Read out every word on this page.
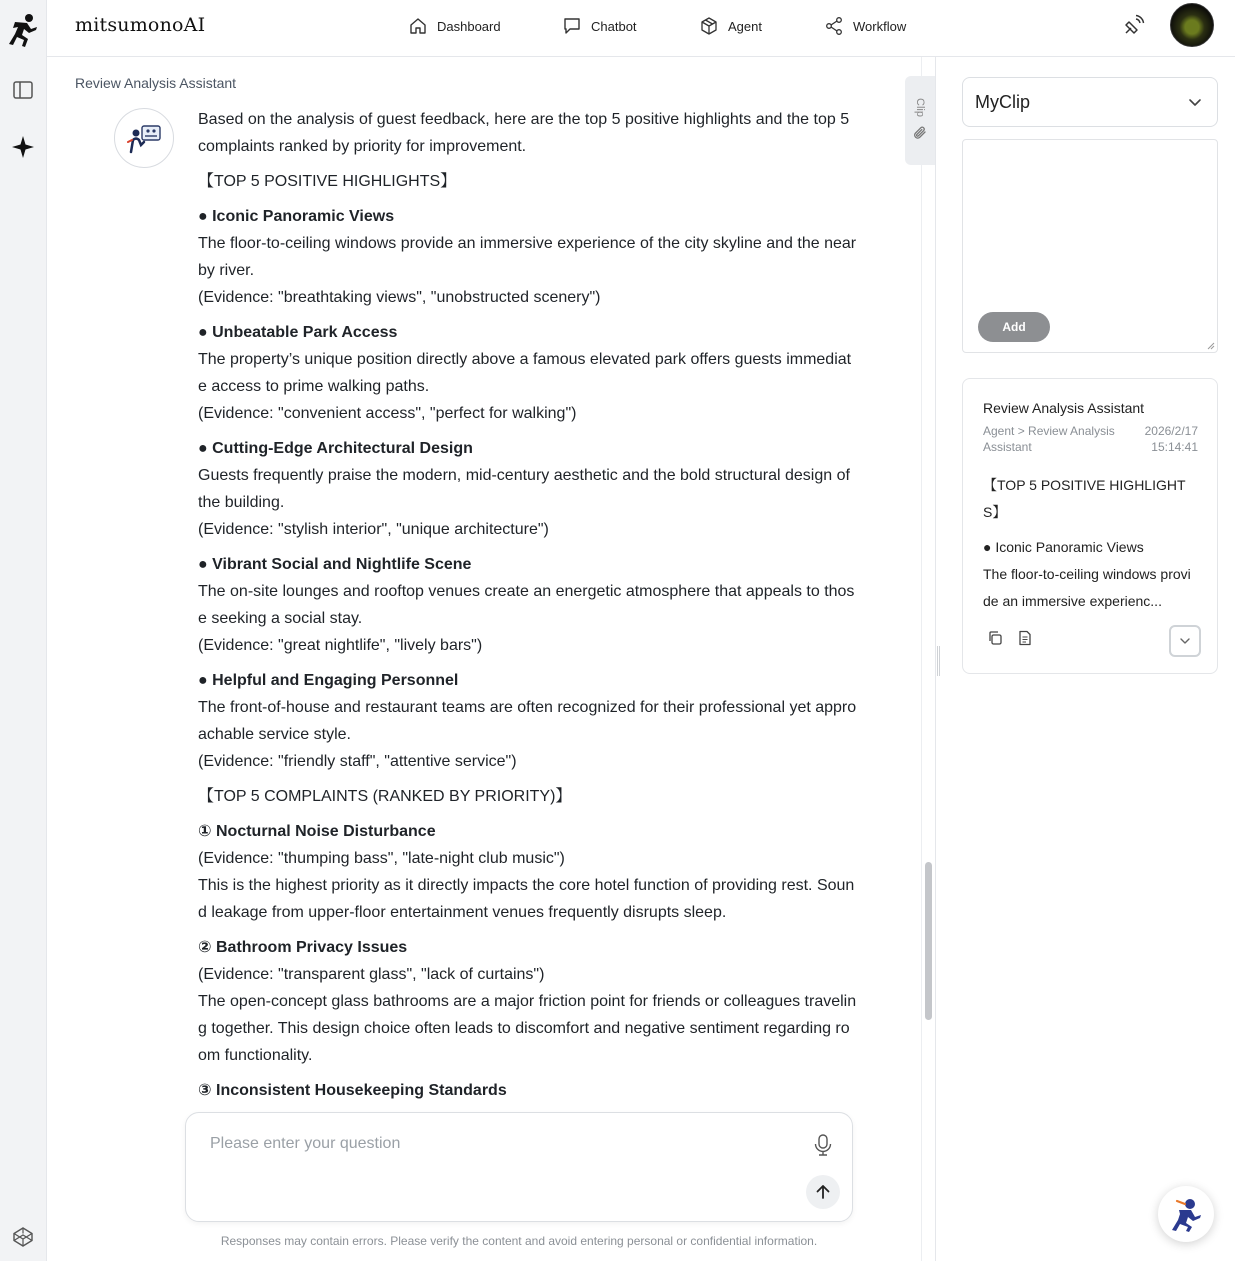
mitsumonoAI	Dashboard	Chatbot	Agent	Workflow
Review Analysis Assistant

Based on the analysis of guest feedback, here are the top 5 positive highlights and the top 5 complaints ranked by priority for improvement.

【TOP 5 POSITIVE HIGHLIGHTS】

● Iconic Panoramic Views

The floor-to-ceiling windows provide an immersive experience of the city skyline and the nearby river.

(Evidence: "breathtaking views", "unobstructed scenery")

● Unbeatable Park Access

The property’s unique position directly above a famous elevated park offers guests immediate access to prime walking paths.

(Evidence: "convenient access", "perfect for walking")

● Cutting-Edge Architectural Design

Guests frequently praise the modern, mid-century aesthetic and the bold structural design of the building.

(Evidence: "stylish interior", "unique architecture")

● Vibrant Social and Nightlife Scene

The on-site lounges and rooftop venues create an energetic atmosphere that appeals to those seeking a social stay.

(Evidence: "great nightlife", "lively bars")

● Helpful and Engaging Personnel

The front-of-house and restaurant teams are often recognized for their professional yet approachable service style.

(Evidence: "friendly staff", "attentive service")

【TOP 5 COMPLAINTS (RANKED BY PRIORITY)】

① Nocturnal Noise Disturbance

(Evidence: "thumping bass", "late-night club music")

This is the highest priority as it directly impacts the core hotel function of providing rest. Sound leakage from upper-floor entertainment venues frequently disrupts sleep.

② Bathroom Privacy Issues

(Evidence: "transparent glass", "lack of curtains")

The open-concept glass bathrooms are a major friction point for friends or colleagues traveling together. This design choice often leads to discomfort and negative sentiment regarding room functionality.

③ Inconsistent Housekeeping Standards

Please enter your question
Responses may contain errors. Please verify the content and avoid entering personal or confidential information.
Clip	MyClip
Add
Review Analysis Assistant
Agent > Review Analysis Assistant
2026/2/17 15:14:41

【TOP 5 POSITIVE HIGHLIGHTS】

● Iconic Panoramic Views

The floor-to-ceiling windows provide an immersive experienc...
